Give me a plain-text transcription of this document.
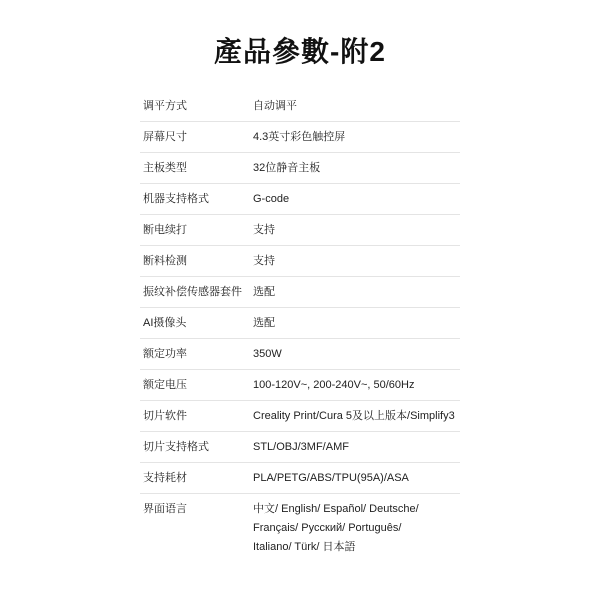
產品參數-附2
调平方式	自动调平
屏幕尺寸	4.3英寸彩色触控屏
主板类型	32位静音主板
机器支持格式	G-code
断电续打	支持
断料检测	支持
振纹补偿传感器套件	选配
AI摄像头	选配
额定功率	350W
额定电压	100-120V~, 200-240V~, 50/60Hz
切片软件	Creality Print/Cura 5及以上版本/Simplify3
切片支持格式	STL/OBJ/3MF/AMF
支持耗材	PLA/PETG/ABS/TPU(95A)/ASA
界面语言	中文/ English/ Español/ Deutsche/
Français/ Русский/ Português/
Italiano/ Türk/ 日本語
